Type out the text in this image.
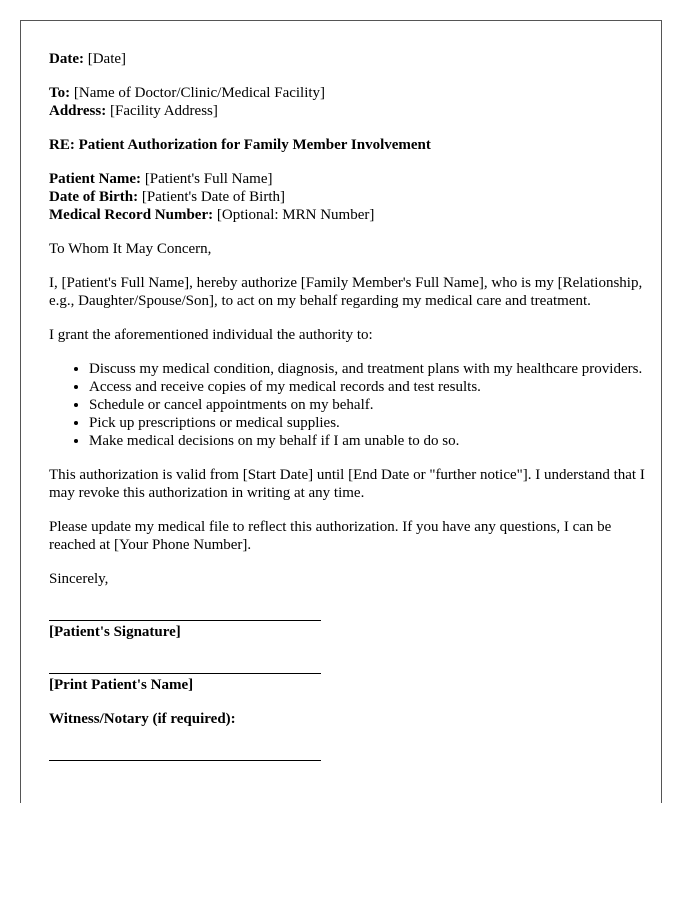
Date: [Date]

To: [Name of Doctor/Clinic/Medical Facility]
Address: [Facility Address]

RE: Patient Authorization for Family Member Involvement

Patient Name: [Patient's Full Name]
Date of Birth: [Patient's Date of Birth]
Medical Record Number: [Optional: MRN Number]

To Whom It May Concern,

I, [Patient's Full Name], hereby authorize [Family Member's Full Name], who is my [Relationship, e.g., Daughter/Spouse/Son], to act on my behalf regarding my medical care and treatment.

I grant the aforementioned individual the authority to:

• Discuss my medical condition, diagnosis, and treatment plans with my healthcare providers.
• Access and receive copies of my medical records and test results.
• Schedule or cancel appointments on my behalf.
• Pick up prescriptions or medical supplies.
• Make medical decisions on my behalf if I am unable to do so.

This authorization is valid from [Start Date] until [End Date or "further notice"]. I understand that I may revoke this authorization in writing at any time.

Please update my medical file to reflect this authorization. If you have any questions, I can be reached at [Your Phone Number].

Sincerely,

[Patient's Signature]

[Print Patient's Name]

Witness/Notary (if required):
